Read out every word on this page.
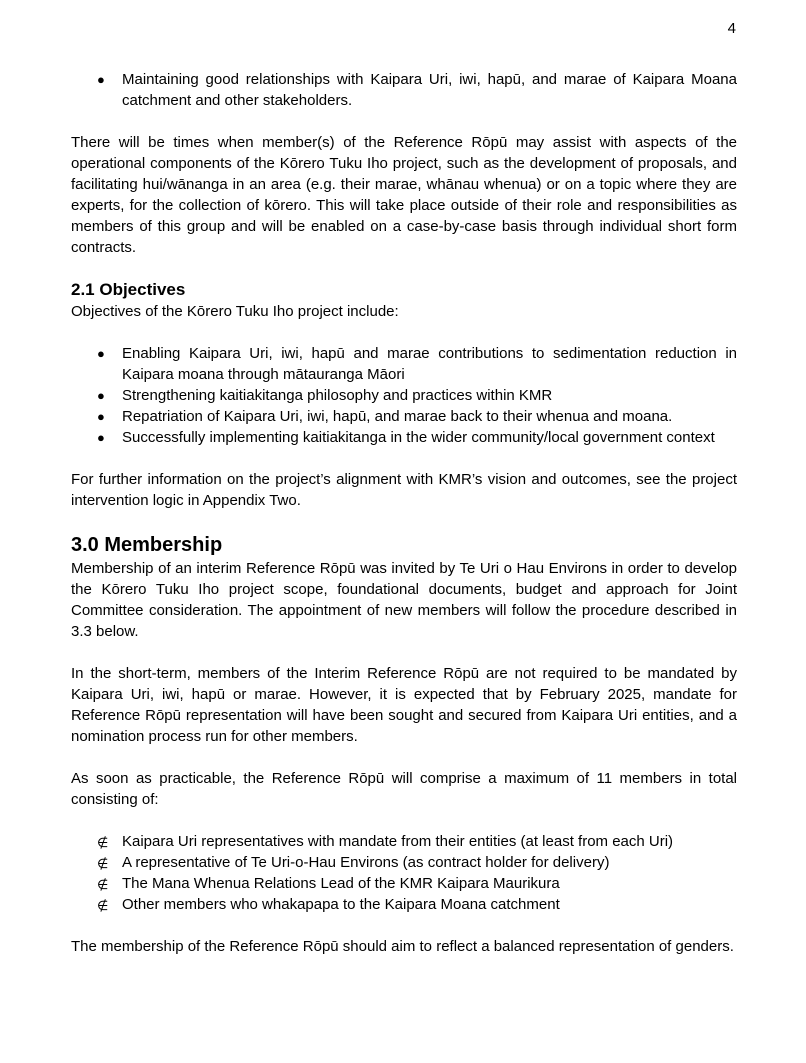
4
● Maintaining good relationships with Kaipara Uri, iwi, hapū, and marae of Kaipara Moana catchment and other stakeholders.

There will be times when member(s) of the Reference Rōpū may assist with aspects of the operational components of the Kōrero Tuku Iho project, such as the development of proposals, and facilitating hui/wānanga in an area (e.g. their marae, whānau whenua) or on a topic where they are experts, for the collection of kōrero. This will take place outside of their role and responsibilities as members of this group and will be enabled on a case-by-case basis through individual short form contracts.

2.1 Objectives

Objectives of the Kōrero Tuku Iho project include:

● Enabling Kaipara Uri, iwi, hapū and marae contributions to sedimentation reduction in Kaipara moana through mātauranga Māori
● Strengthening kaitiakitanga philosophy and practices within KMR
● Repatriation of Kaipara Uri, iwi, hapū, and marae back to their whenua and moana.
● Successfully implementing kaitiakitanga in the wider community/local government context

For further information on the project’s alignment with KMR’s vision and outcomes, see the project intervention logic in Appendix Two.

3.0 Membership

Membership of an interim Reference Rōpū was invited by Te Uri o Hau Environs in order to develop the Kōrero Tuku Iho project scope, foundational documents, budget and approach for Joint Committee consideration. The appointment of new members will follow the procedure described in 3.3 below.

In the short-term, members of the Interim Reference Rōpū are not required to be mandated by Kaipara Uri, iwi, hapū or marae. However, it is expected that by February 2025, mandate for Reference Rōpū representation will have been sought and secured from Kaipara Uri entities, and a nomination process run for other members.

As soon as practicable, the Reference Rōpū will comprise a maximum of 11 members in total consisting of:

∉ Kaipara Uri representatives with mandate from their entities (at least from each Uri)
∉ A representative of Te Uri-o-Hau Environs (as contract holder for delivery)
∉ The Mana Whenua Relations Lead of the KMR Kaipara Maurikura
∉ Other members who whakapapa to the Kaipara Moana catchment

The membership of the Reference Rōpū should aim to reflect a balanced representation of genders.
